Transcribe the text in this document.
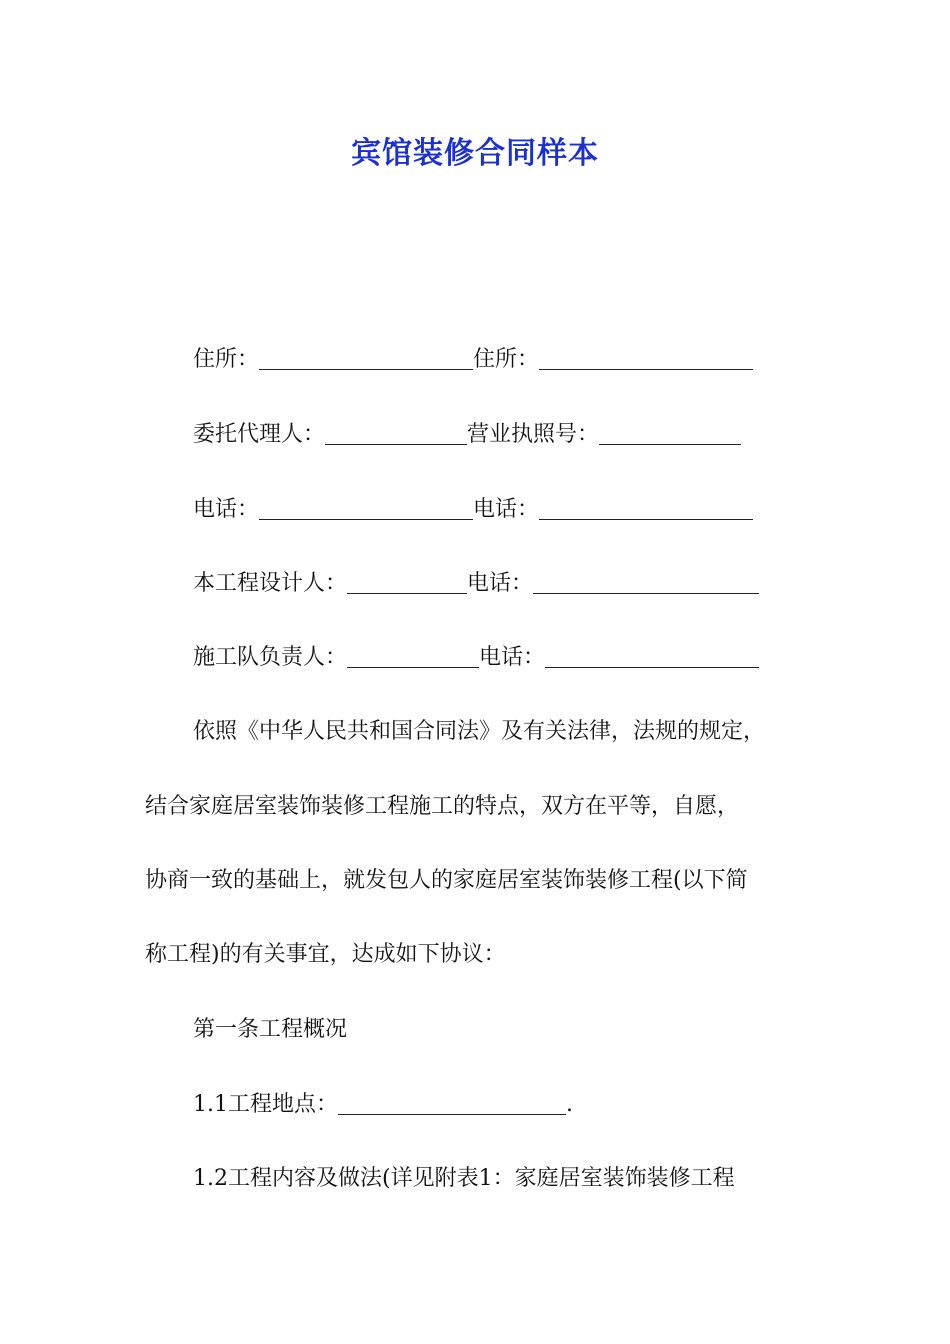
宾馆装修合同样本
住所：	住所：
委托代理人：	营业执照号：
电话：	电话：
本工程设计人：	电话：
施工队负责人：	电话：
依照《中华人民共和国合同法》及有关法律，法规的规定，
结合家庭居室装饰装修工程施工的特点，双方在平等，自愿，
协商一致的基础上，就发包人的家庭居室装饰装修工程(以下简
称工程)的有关事宜，达成如下协议：
第一条工程概况
1.1工程地点：	.
1.2工程内容及做法(详见附表1：家庭居室装饰装修工程
